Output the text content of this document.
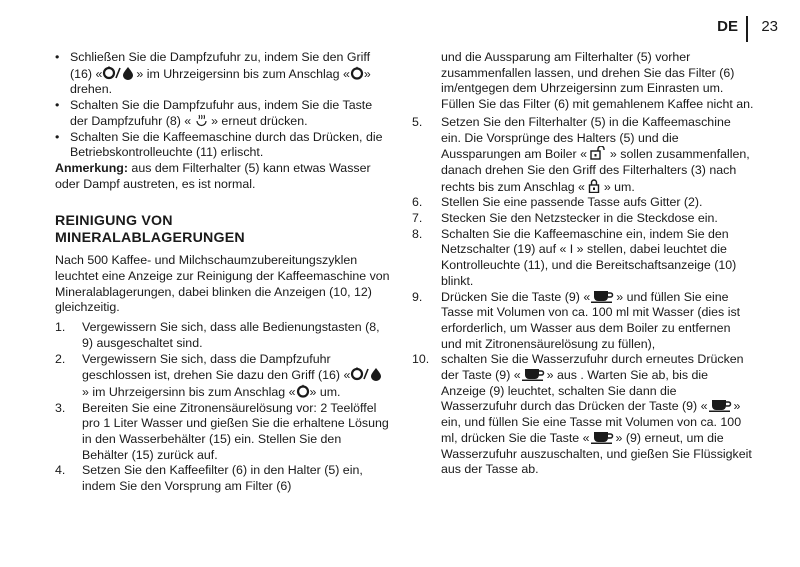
DE 23
• Schließen Sie die Dampfzufuhr zu, indem Sie den Griff (16) «	» im Uhrzeigersinn bis zum Anschlag « » drehen.
• Schalten Sie die Dampfzufuhr aus, indem Sie die Taste der Dampfzufuhr (8) «  » erneut drücken.
• Schalten Sie die Kaffeemaschine durch das Drücken, die Betriebskontrolleuchte (11) erlischt.

Anmerkung: aus dem Filterhalter (5) kann etwas Wasser oder Dampf austreten, es ist normal.

REINIGUNG VON
MINERALABLAGERUNGEN

Nach 500 Kaffee- und Milchschaumzubereitungszyklen leuchtet eine Anzeige zur Reinigung der Kaffeemaschine von Mineralablagerungen, dabei blinken die Anzeigen (10, 12) gleichzeitig.

1. Vergewissern Sie sich, dass alle Bedienungstasten (8, 9) ausgeschaltet sind.
2. Vergewissern Sie sich, dass die Dampfzufuhr geschlossen ist, drehen Sie dazu den Griff (16) «» im Uhrzeigersinn bis zum Anschlag « » um.
3. Bereiten Sie eine Zitronensäurelösung vor: 2 Teelöffel pro 1 Liter Wasser und gießen Sie die erhaltene Lösung in den Wasserbehälter (15) ein. Stellen Sie den Behälter (15) zurück auf.
4. Setzen Sie den Kaffeefilter (6) in den Halter (5) ein, indem Sie den Vorsprung am Filter (6)

und die Aussparung am Filterhalter (5) vorher zusammenfallen lassen, und drehen Sie das Filter (6) im/entgegen dem Uhrzeigersinn zum Einrasten um. Füllen Sie das Filter (6) mit gemahlenem Kaffee nicht an.

5. Setzen Sie den Filterhalter (5) in die Kaffeemaschine ein. Die Vorsprünge des Halters (5) und die Aussparungen am Boiler «  » sollen zusammenfallen, danach drehen Sie den Griff des Filterhalters (3) nach rechts bis zum Anschlag «  » um.
6. Stellen Sie eine passende Tasse aufs Gitter (2).
7. Stecken Sie den Netzstecker in die Steckdose ein.
8. Schalten Sie die Kaffeemaschine ein, indem Sie den Netzschalter (19) auf « I » stellen, dabei leuchtet die Kontrolleuchte (11), und die Bereitschaftsanzeige (10) blinkt.
9. Drücken Sie die Taste (9) « » und füllen Sie eine Tasse mit Volumen von ca. 100 ml mit Wasser (dies ist erforderlich, um Wasser aus dem Boiler zu entfernen und mit Zitronensäurelösung zu füllen),
10. schalten Sie die Wasserzufuhr durch erneutes Drücken der Taste (9) « » aus . Warten Sie ab, bis die Anzeige (9) leuchtet, schalten Sie dann die Wasserzufuhr durch das Drücken der Taste (9) « » ein, und füllen Sie eine Tasse mit Volumen von ca. 100 ml, drücken Sie die Taste « » (9) erneut, um die Wasserzufuhr auszuschalten, und gießen Sie Flüssigkeit aus der Tasse ab.
